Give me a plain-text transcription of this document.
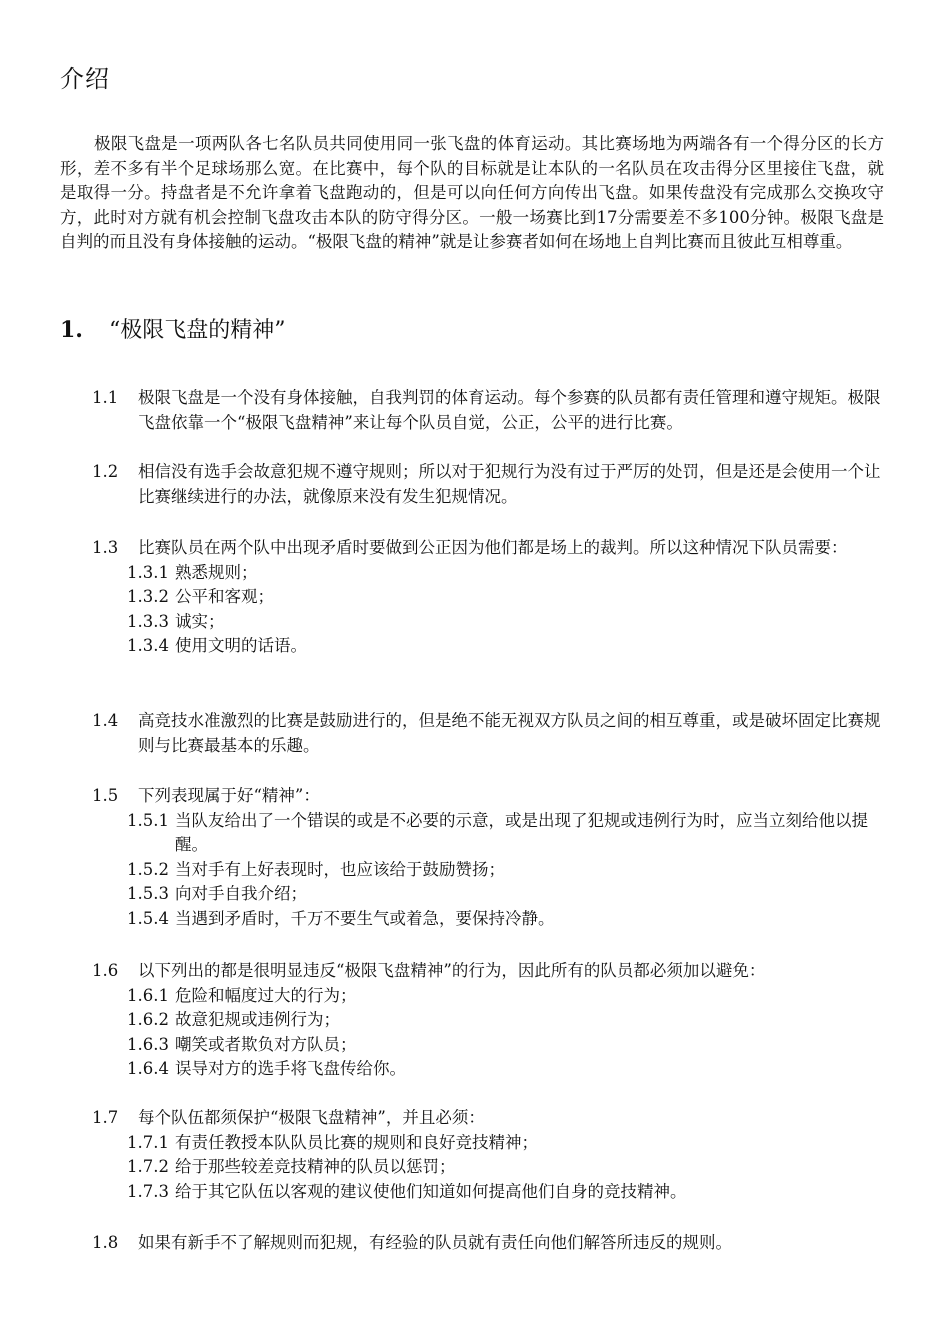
介绍
极限飞盘是一项两队各七名队员共同使用同一张飞盘的体育运动。其比赛场地为两端各有一个得分区的长方形，差不多有半个足球场那么宽。在比赛中，每个队的目标就是让本队的一名队员在攻击得分区里接住飞盘，就是取得一分。持盘者是不允许拿着飞盘跑动的，但是可以向任何方向传出飞盘。如果传盘没有完成那么交换攻守方，此时对方就有机会控制飞盘攻击本队的防守得分区。一般一场赛比到17分需要差不多100分钟。极限飞盘是自判的而且没有身体接触的运动。“极限飞盘的精神”就是让参赛者如何在场地上自判比赛而且彼此互相尊重。
1. “极限飞盘的精神”
1.1	极限飞盘是一个没有身体接触，自我判罚的体育运动。每个参赛的队员都有责任管理和遵守规矩。极限飞盘依靠一个“极限飞盘精神”来让每个队员自觉，公正，公平的进行比赛。
1.2	相信没有选手会故意犯规不遵守规则；所以对于犯规行为没有过于严厉的处罚，但是还是会使用一个让比赛继续进行的办法，就像原来没有发生犯规情况。
1.3	比赛队员在两个队中出现矛盾时要做到公正因为他们都是场上的裁判。所以这种情况下队员需要：
1.3.1 熟悉规则；
1.3.2 公平和客观；
1.3.3 诚实；
1.3.4 使用文明的话语。
1.4	高竞技水准激烈的比赛是鼓励进行的，但是绝不能无视双方队员之间的相互尊重，或是破坏固定比赛规则与比赛最基本的乐趣。
1.5	下列表现属于好“精神”：
1.5.1 当队友给出了一个错误的或是不必要的示意，或是出现了犯规或违例行为时，应当立刻给他以提醒。
1.5.2 当对手有上好表现时，也应该给于鼓励赞扬；
1.5.3 向对手自我介绍；
1.5.4 当遇到矛盾时，千万不要生气或着急，要保持冷静。
1.6	以下列出的都是很明显违反“极限飞盘精神”的行为，因此所有的队员都必须加以避免：
1.6.1 危险和幅度过大的行为；
1.6.2 故意犯规或违例行为；
1.6.3 嘲笑或者欺负对方队员；
1.6.4 误导对方的选手将飞盘传给你。
1.7	每个队伍都须保护“极限飞盘精神”，并且必须：
1.7.1 有责任教授本队队员比赛的规则和良好竞技精神；
1.7.2 给于那些较差竞技精神的队员以惩罚；
1.7.3 给于其它队伍以客观的建议使他们知道如何提高他们自身的竞技精神。
1.8	如果有新手不了解规则而犯规，有经验的队员就有责任向他们解答所违反的规则。
